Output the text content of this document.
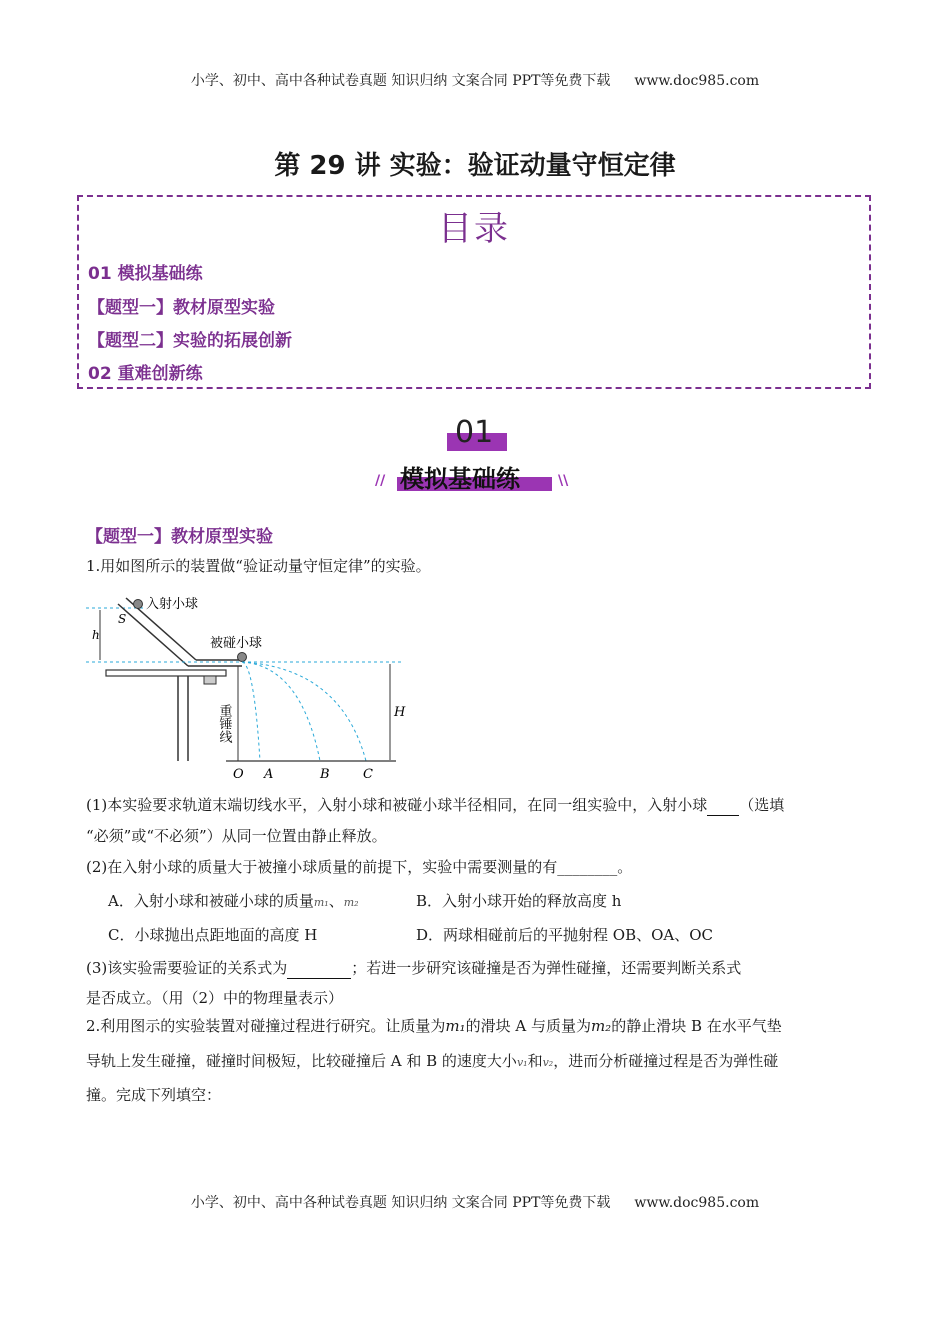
小学、初中、高中各种试卷真题 知识归纳 文案合同 PPT等免费下载 www.doc985.com
第 29 讲 实验：验证动量守恒定律
目录
01 模拟基础练
【题型一】教材原型实验
【题型二】实验的拓展创新
02 重难创新练
01
模拟基础练
//	\\
【题型一】教材原型实验
1.用如图所示的装置做“验证动量守恒定律”的实验。
入射小球
S
h
被碰小球
重锤线	H
O A	B	C
(1)本实验要求轨道末端切线水平，入射小球和被碰小球半径相同，在同一组实验中，入射小球 （选填
“必须”或“不必须”）从同一位置由静止释放。
(2)在入射小球的质量大于被撞小球质量的前提下，实验中需要测量的有________。
A．入射小球和被碰小球的质量m₁、m₂	B．入射小球开始的释放高度 h
C．小球抛出点距地面的高度 H	D．两球相碰前后的平抛射程 OB、OA、OC
(3)该实验需要验证的关系式为	；若进一步研究该碰撞是否为弹性碰撞，还需要判断关系式
是否成立。（用（2）中的物理量表示）
2.利用图示的实验装置对碰撞过程进行研究。让质量为m₁的滑块 A 与质量为m₂的静止滑块 B 在水平气垫
导轨上发生碰撞，碰撞时间极短，比较碰撞后 A 和 B 的速度大小v₁和v₂，进而分析碰撞过程是否为弹性碰
撞。完成下列填空：
小学、初中、高中各种试卷真题 知识归纳 文案合同 PPT等免费下载 www.doc985.com
